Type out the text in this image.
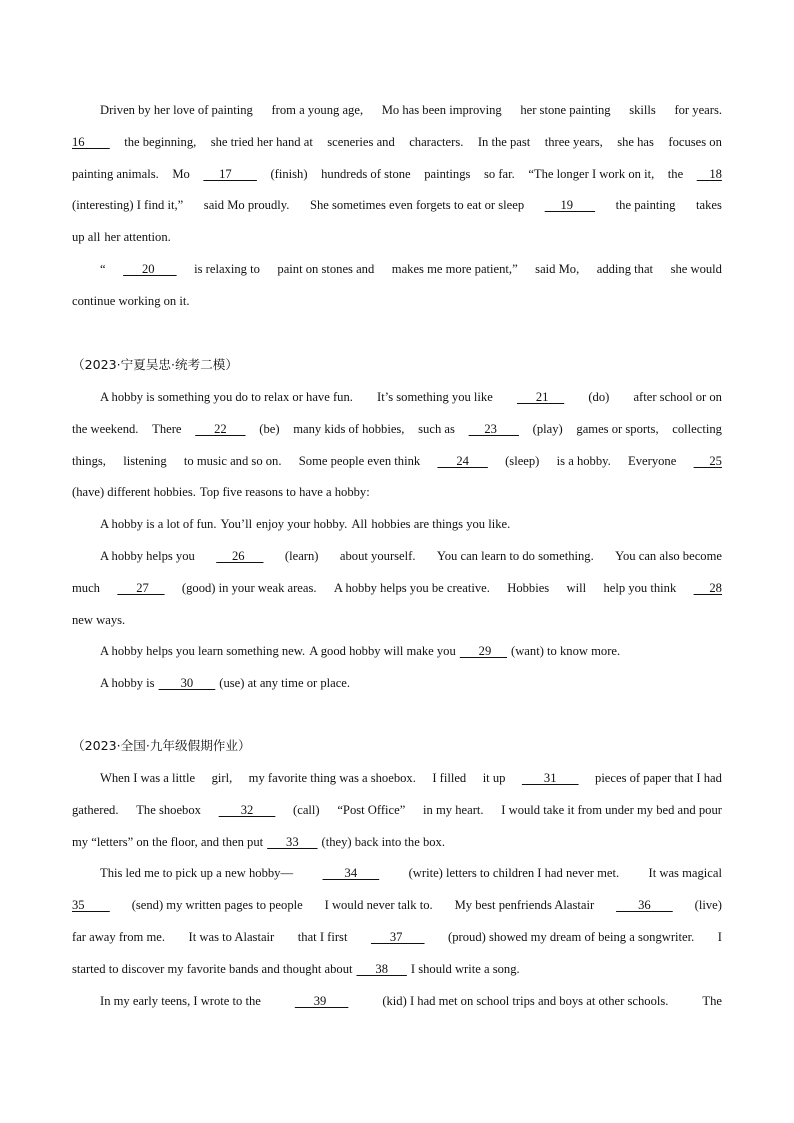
Driven by her love of painting from a young age, Mo has been improving her stone painting skills for years.
16 the beginning, she tried her hand at sceneries and characters. In the past three years, she has focuses on
painting animals. Mo 17 (finish) hundreds of stone paintings so far. “The longer I work on it, the 18
(interesting) I find it,” said Mo proudly. She sometimes even forgets to eat or sleep 19 the painting takes
up all her attention.
“ 20 is relaxing to paint on stones and makes me more patient,” said Mo, adding that she would
continue working on it.
（2023·宁夏吴忠·统考二模）
A hobby is something you do to relax or have fun. It’s something you like 21 (do) after school or on
the weekend. There 22 (be) many kids of hobbies, such as 23 (play) games or sports, collecting
things, listening to music and so on. Some people even think 24 (sleep) is a hobby. Everyone 25
(have) different hobbies. Top five reasons to have a hobby:
A hobby is a lot of fun. You’ll enjoy your hobby. All hobbies are things you like.
A hobby helps you 26 (learn) about yourself. You can learn to do something. You can also become
much 27 (good) in your weak areas. A hobby helps you be creative. Hobbies will help you think 28
new ways.
A hobby helps you learn something new. A good hobby will make you 29 (want) to know more.
A hobby is 30 (use) at any time or place.
（2023·全国·九年级假期作业）
When I was a little girl, my favorite thing was a shoebox. I filled it up 31 pieces of paper that I had
gathered. The shoebox 32 (call) “Post Office” in my heart. I would take it from under my bed and pour
my “letters” on the floor, and then put 33 (they) back into the box.
This led me to pick up a new hobby— 34 (write) letters to children I had never met. It was magical
35 (send) my written pages to people I would never talk to. My best penfriends Alastair 36 (live)
far away from me. It was to Alastair that I first 37 (proud) showed my dream of being a songwriter. I
started to discover my favorite bands and thought about 38 I should write a song.
In my early teens, I wrote to the	39	(kid) I had met on school trips and boys at other schools.	The
